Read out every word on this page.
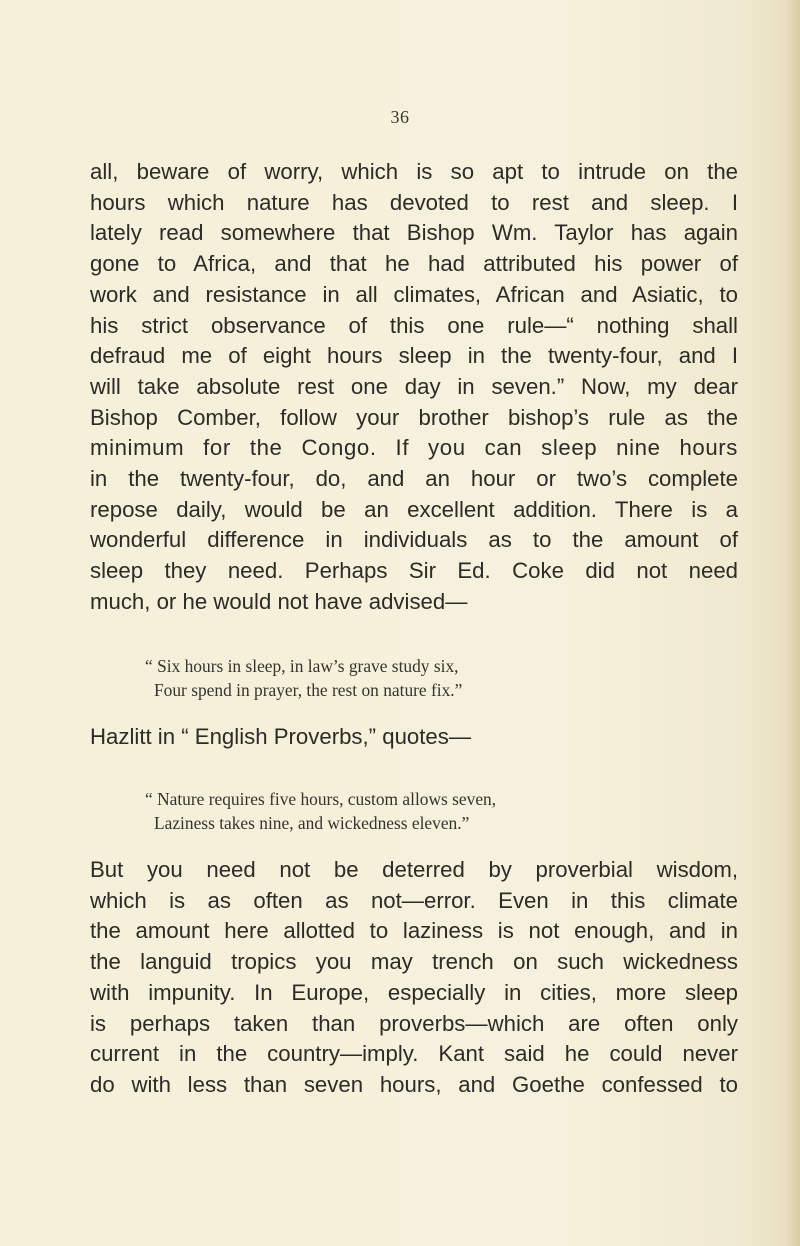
36
all, beware of worry, which is so apt to intrude on the
hours which nature has devoted to rest and sleep. I
lately read somewhere that Bishop Wm. Taylor has again
gone to Africa, and that he had attributed his power of
work and resistance in all climates, African and Asiatic, to
his strict observance of this one rule—“ nothing shall
defraud me of eight hours sleep in the twenty-four, and I
will take absolute rest one day in seven.” Now, my dear
Bishop Comber, follow your brother bishop’s rule as the
minimum for the Congo. If you can sleep nine hours
in the twenty-four, do, and an hour or two’s complete
repose daily, would be an excellent addition. There is a
wonderful difference in individuals as to the amount of
sleep they need. Perhaps Sir Ed. Coke did not need
much, or he would not have advised—
“ Six hours in sleep, in law’s grave study six,
Four spend in prayer, the rest on nature fix.”
Hazlitt in “ English Proverbs,” quotes—
“ Nature requires five hours, custom allows seven,
Laziness takes nine, and wickedness eleven.”
But you need not be deterred by proverbial wisdom,
which is as often as not—error. Even in this climate
the amount here allotted to laziness is not enough, and in
the languid tropics you may trench on such wickedness
with impunity. In Europe, especially in cities, more sleep
is perhaps taken than proverbs—which are often only
current in the country—imply. Kant said he could never
do with less than seven hours, and Goethe confessed to
